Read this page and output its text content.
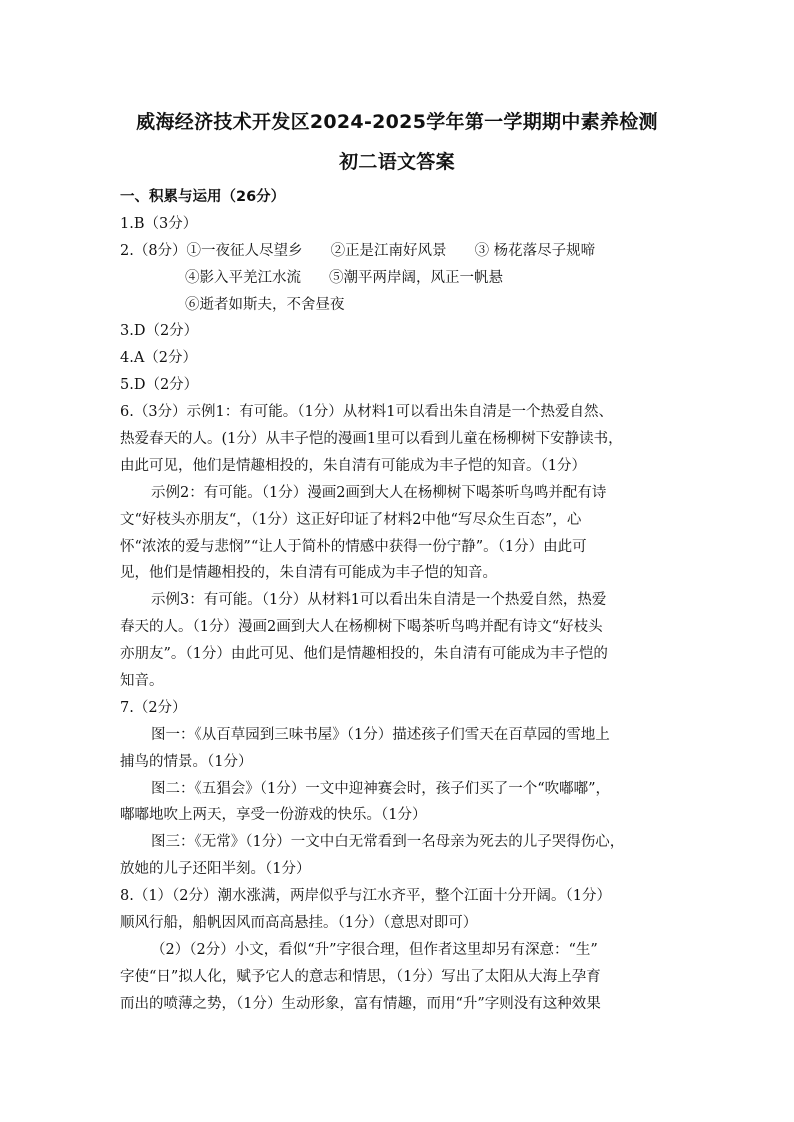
威海经济技术开发区2024-2025学年第一学期期中素养检测
初二语文答案
一、积累与运用（26分）
1.B（3分）
2.（8分）①一夜征人尽望乡 ②正是江南好风景 ③ 杨花落尽子规啼
④影入平羌江水流 ⑤潮平两岸阔，风正一帆悬
⑥逝者如斯夫，不舍昼夜
3.D（2分）
4.A（2分）
5.D（2分）
6.（3分）示例1：有可能。（1分）从材料1可以看出朱自清是一个热爱自然、
热爱春天的人。(1分）从丰子恺的漫画1里可以看到儿童在杨柳树下安静读书，
由此可见，他们是情趣相投的，朱自清有可能成为丰子恺的知音。（1分）
示例2：有可能。（1分）漫画2画到大人在杨柳树下喝茶听鸟鸣并配有诗
文“好枝头亦朋友“，（1分）这正好印证了材料2中他“写尽众生百态”，心
怀“浓浓的爱与悲悯”“让人于简朴的情感中获得一份宁静”。（1分）由此可
见，他们是情趣相投的，朱自清有可能成为丰子恺的知音。
示例3：有可能。（1分）从材料1可以看出朱自清是一个热爱自然，热爱
春天的人。（1分）漫画2画到大人在杨柳树下喝茶听鸟鸣并配有诗文“好枝头
亦朋友”。（1分）由此可见、他们是情趣相投的，朱自清有可能成为丰子恺的
知音。
7.（2分）
图一：《从百草园到三味书屋》（1分）描述孩子们雪天在百草园的雪地上
捕鸟的情景。（1分）
图二：《五猖会》（1分）一文中迎神赛会时，孩子们买了一个“吹嘟嘟”，
嘟嘟地吹上两天，享受一份游戏的快乐。（1分）
图三：《无常》（1分）一文中白无常看到一名母亲为死去的儿子哭得伤心，
放她的儿子还阳半刻。（1分）
8.（1）（2分）潮水涨满，两岸似乎与江水齐平，整个江面十分开阔。（1分）
顺风行船，船帆因风而高高悬挂。（1分）（意思对即可）
（2）（2分）小文，看似“升”字很合理，但作者这里却另有深意：“生”
字使“日”拟人化，赋予它人的意志和情思，（1分）写出了太阳从大海上孕育
而出的喷薄之势，（1分）生动形象，富有情趣，而用“升”字则没有这种效果
